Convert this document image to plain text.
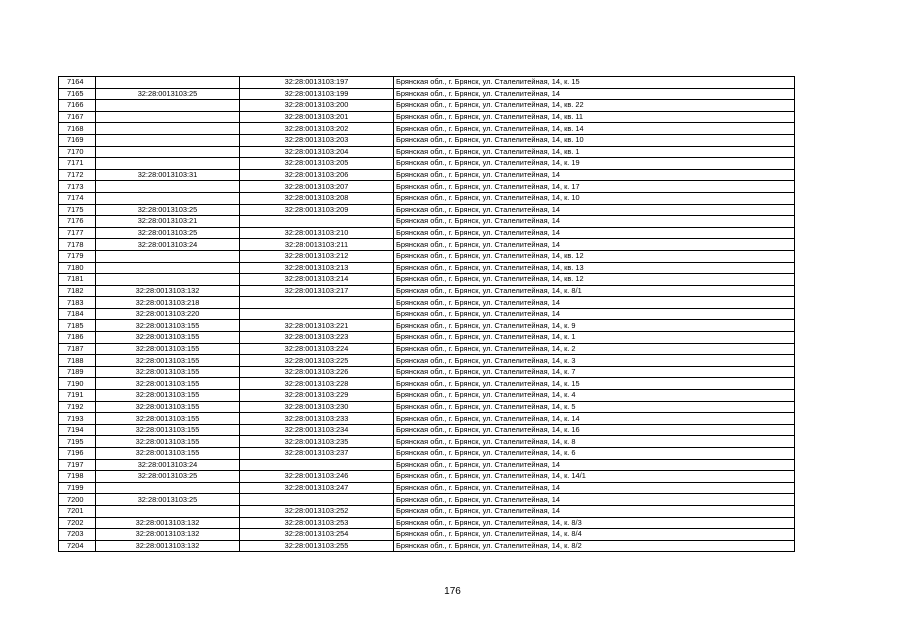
7164		32:28:0013103:197	Брянская обл., г. Брянск, ул. Сталелитейная, 14, к. 15
7165	32:28:0013103:25	32:28:0013103:199	Брянская обл., г. Брянск, ул. Сталелитейная, 14
7166		32:28:0013103:200	Брянская обл., г. Брянск, ул. Сталелитейная, 14, кв. 22
7167		32:28:0013103:201	Брянская обл., г. Брянск, ул. Сталелитейная, 14, кв. 11
7168		32:28:0013103:202	Брянская обл., г. Брянск, ул. Сталелитейная, 14, кв. 14
7169		32:28:0013103:203	Брянская обл., г. Брянск, ул. Сталелитейная, 14, кв. 10
7170		32:28:0013103:204	Брянская обл., г. Брянск, ул. Сталелитейная, 14, кв. 1
7171		32:28:0013103:205	Брянская обл., г. Брянск, ул. Сталелитейная, 14, к. 19
7172	32:28:0013103:31	32:28:0013103:206	Брянская обл., г. Брянск, ул. Сталелитейная, 14
7173		32:28:0013103:207	Брянская обл., г. Брянск, ул. Сталелитейная, 14, к. 17
7174		32:28:0013103:208	Брянская обл., г. Брянск, ул. Сталелитейная, 14, к. 10
7175	32:28:0013103:25	32:28:0013103:209	Брянская обл., г. Брянск, ул. Сталелитейная, 14
7176	32:28:0013103:21		Брянская обл., г. Брянск, ул. Сталелитейная, 14
7177	32:28:0013103:25	32:28:0013103:210	Брянская обл., г. Брянск, ул. Сталелитейная, 14
7178	32:28:0013103:24	32:28:0013103:211	Брянская обл., г. Брянск, ул. Сталелитейная, 14
7179		32:28:0013103:212	Брянская обл., г. Брянск, ул. Сталелитейная, 14, кв. 12
7180		32:28:0013103:213	Брянская обл., г. Брянск, ул. Сталелитейная, 14, кв. 13
7181		32:28:0013103:214	Брянская обл., г. Брянск, ул. Сталелитейная, 14, кв. 12
7182	32:28:0013103:132	32:28:0013103:217	Брянская обл., г. Брянск, ул. Сталелитейная, 14, к. 8/1
7183	32:28:0013103:218		Брянская обл., г. Брянск, ул. Сталелитейная, 14
7184	32:28:0013103:220		Брянская обл., г. Брянск, ул. Сталелитейная, 14
7185	32:28:0013103:155	32:28:0013103:221	Брянская обл., г. Брянск, ул. Сталелитейная, 14, к. 9
7186	32:28:0013103:155	32:28:0013103:223	Брянская обл., г. Брянск, ул. Сталелитейная, 14, к. 1
7187	32:28:0013103:155	32:28:0013103:224	Брянская обл., г. Брянск, ул. Сталелитейная, 14, к. 2
7188	32:28:0013103:155	32:28:0013103:225	Брянская обл., г. Брянск, ул. Сталелитейная, 14, к. 3
7189	32:28:0013103:155	32:28:0013103:226	Брянская обл., г. Брянск, ул. Сталелитейная, 14, к. 7
7190	32:28:0013103:155	32:28:0013103:228	Брянская обл., г. Брянск, ул. Сталелитейная, 14, к. 15
7191	32:28:0013103:155	32:28:0013103:229	Брянская обл., г. Брянск, ул. Сталелитейная, 14, к. 4
7192	32:28:0013103:155	32:28:0013103:230	Брянская обл., г. Брянск, ул. Сталелитейная, 14, к. 5
7193	32:28:0013103:155	32:28:0013103:233	Брянская обл., г. Брянск, ул. Сталелитейная, 14, к. 14
7194	32:28:0013103:155	32:28:0013103:234	Брянская обл., г. Брянск, ул. Сталелитейная, 14, к. 16
7195	32:28:0013103:155	32:28:0013103:235	Брянская обл., г. Брянск, ул. Сталелитейная, 14, к. 8
7196	32:28:0013103:155	32:28:0013103:237	Брянская обл., г. Брянск, ул. Сталелитейная, 14, к. 6
7197	32:28:0013103:24		Брянская обл., г. Брянск, ул. Сталелитейная, 14
7198	32:28:0013103:25	32:28:0013103:246	Брянская обл., г. Брянск, ул. Сталелитейная, 14, к. 14/1
7199		32:28:0013103:247	Брянская обл., г. Брянск, ул. Сталелитейная, 14
7200	32:28:0013103:25		Брянская обл., г. Брянск, ул. Сталелитейная, 14
7201		32:28:0013103:252	Брянская обл., г. Брянск, ул. Сталелитейная, 14
7202	32:28:0013103:132	32:28:0013103:253	Брянская обл., г. Брянск, ул. Сталелитейная, 14, к. 8/3
7203	32:28:0013103:132	32:28:0013103:254	Брянская обл., г. Брянск, ул. Сталелитейная, 14, к. 8/4
7204	32:28:0013103:132	32:28:0013103:255	Брянская обл., г. Брянск, ул. Сталелитейная, 14, к. 8/2
176
